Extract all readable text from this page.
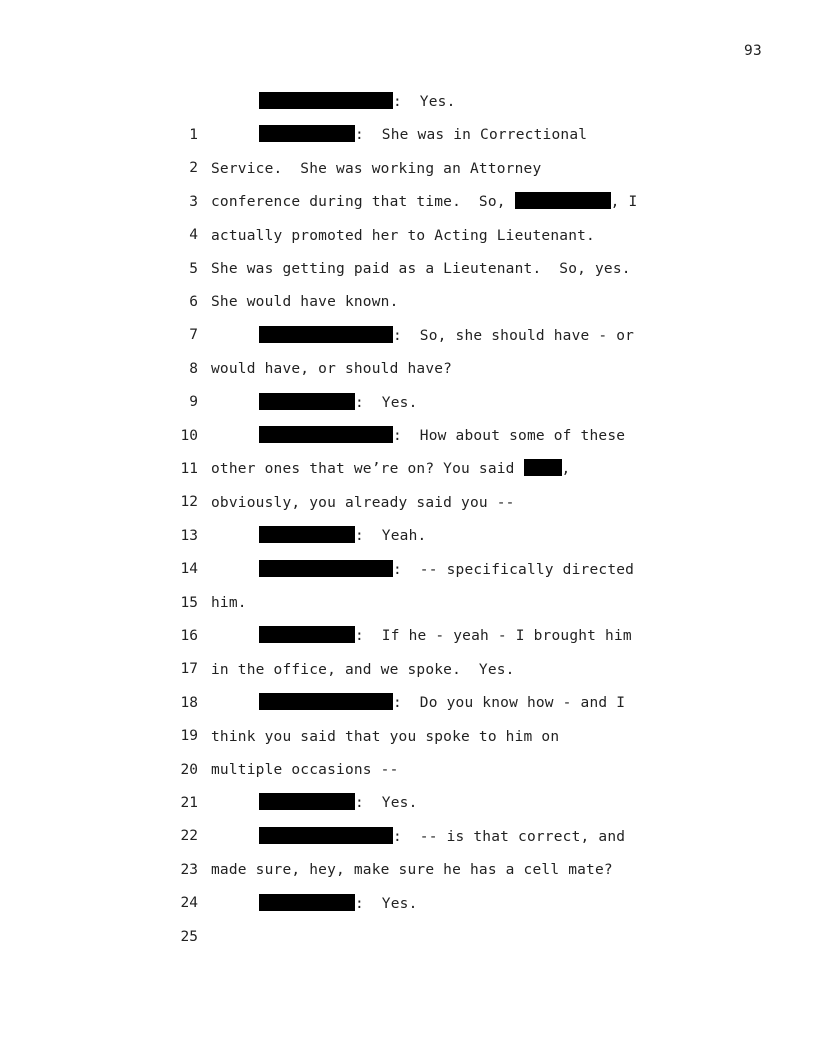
93

1

:  Yes.

2

:  She was in Correctional

3

Service.  She was working an Attorney

4

conference during that time.  So,	, I

5

actually promoted her to Acting Lieutenant.

6

She was getting paid as a Lieutenant.  So, yes.

7

She would have known.

8

:  So, she should have - or

9

would have, or should have?

10

:  Yes.

11

:  How about some of these

12

other ones that we’re on? You said	,

13

obviously, you already said you --

14

:  Yeah.

15

:  -- specifically directed

16

him.

17

:  If he - yeah - I brought him

18

in the office, and we spoke.  Yes.

19

:  Do you know how - and I

20

think you said that you spoke to him on

21

multiple occasions --

22

:  Yes.

23

:  -- is that correct, and

24

made sure, hey, make sure he has a cell mate?

25

:  Yes.
